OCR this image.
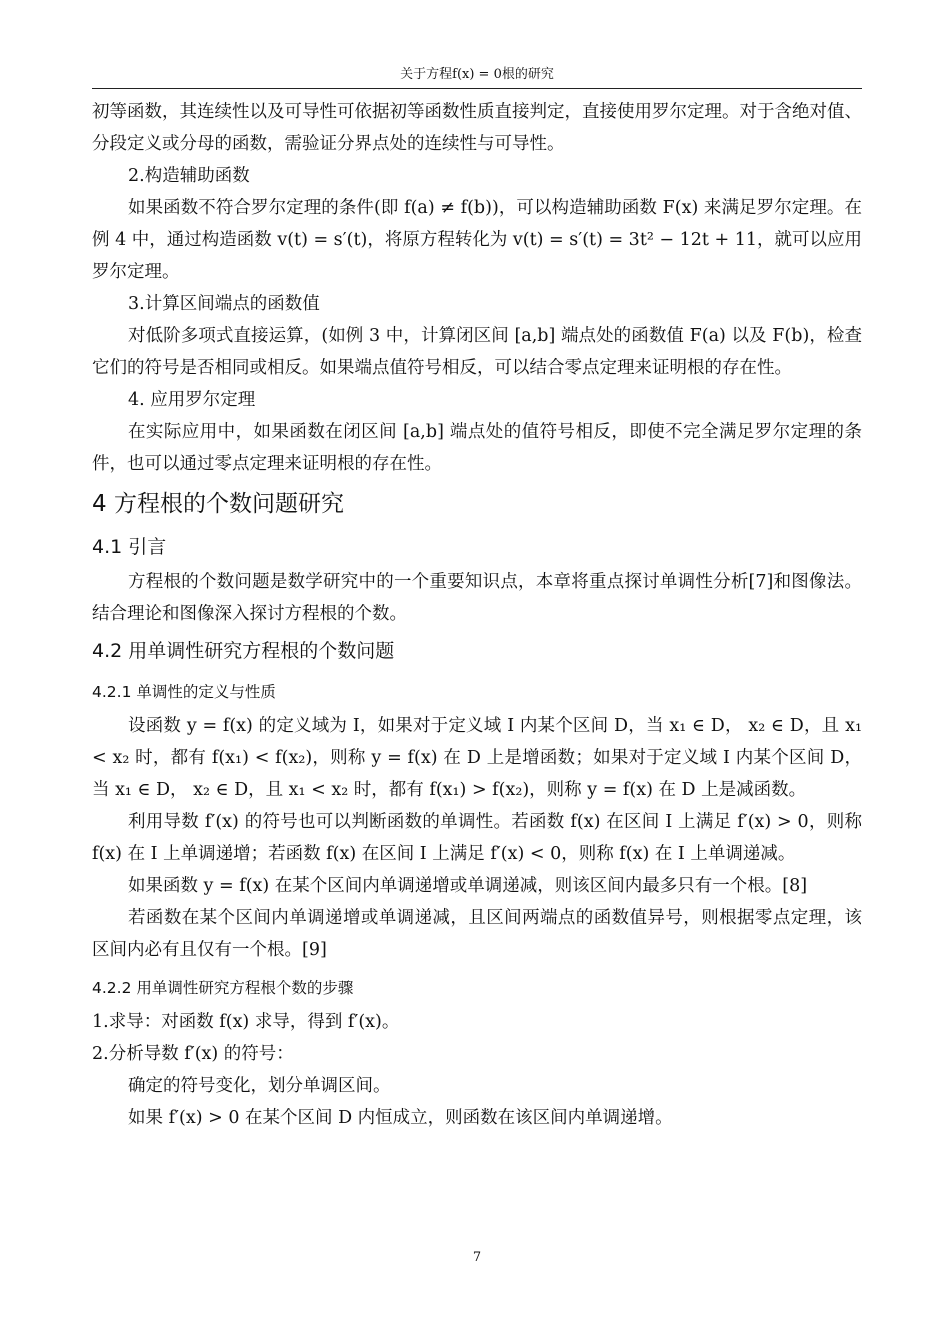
关于方程f(x) = 0根的研究

初等函数，其连续性以及可导性可依据初等函数性质直接判定，直接使用罗尔定理。对于含绝对值、分段定义或分母的函数，需验证分界点处的连续性与可导性。

2.构造辅助函数

如果函数不符合罗尔定理的条件(即 f(a) ≠ f(b))，可以构造辅助函数 F(x) 来满足罗尔定理。在例 4 中，通过构造函数 v(t) = s′(t)，将原方程转化为 v(t) = s′(t) = 3t² − 12t + 11，就可以应用罗尔定理。

3.计算区间端点的函数值

对低阶多项式直接运算，(如例 3 中，计算闭区间 [a,b] 端点处的函数值 F(a) 以及 F(b)，检查它们的符号是否相同或相反。如果端点值符号相反，可以结合零点定理来证明根的存在性。

4. 应用罗尔定理

在实际应用中，如果函数在闭区间 [a,b] 端点处的值符号相反，即使不完全满足罗尔定理的条件，也可以通过零点定理来证明根的存在性。

4 方程根的个数问题研究
4.1 引言

方程根的个数问题是数学研究中的一个重要知识点，本章将重点探讨单调性分析[7]和图像法。结合理论和图像深入探讨方程根的个数。

4.2 用单调性研究方程根的个数问题
4.2.1 单调性的定义与性质

设函数 y = f(x) 的定义域为 I，如果对于定义域 I 内某个区间 D，当 x₁ ∈ D， x₂ ∈ D，且 x₁ < x₂ 时，都有 f(x₁) < f(x₂)，则称 y = f(x) 在 D 上是增函数；如果对于定义域 I 内某个区间 D，当 x₁ ∈ D， x₂ ∈ D，且 x₁ < x₂ 时，都有 f(x₁) > f(x₂)，则称 y = f(x) 在 D 上是减函数。

利用导数 f′(x) 的符号也可以判断函数的单调性。若函数 f(x) 在区间 I 上满足 f′(x) > 0，则称 f(x) 在 I 上单调递增；若函数 f(x) 在区间 I 上满足 f′(x) < 0，则称 f(x) 在 I 上单调递减。

如果函数 y = f(x) 在某个区间内单调递增或单调递减，则该区间内最多只有一个根。[8]

若函数在某个区间内单调递增或单调递减，且区间两端点的函数值异号，则根据零点定理，该区间内必有且仅有一个根。[9]

4.2.2 用单调性研究方程根个数的步骤

1.求导：对函数 f(x) 求导，得到 f′(x)。

2.分析导数 f′(x) 的符号：

确定的符号变化，划分单调区间。

如果 f′(x) > 0 在某个区间 D 内恒成立，则函数在该区间内单调递增。

7
